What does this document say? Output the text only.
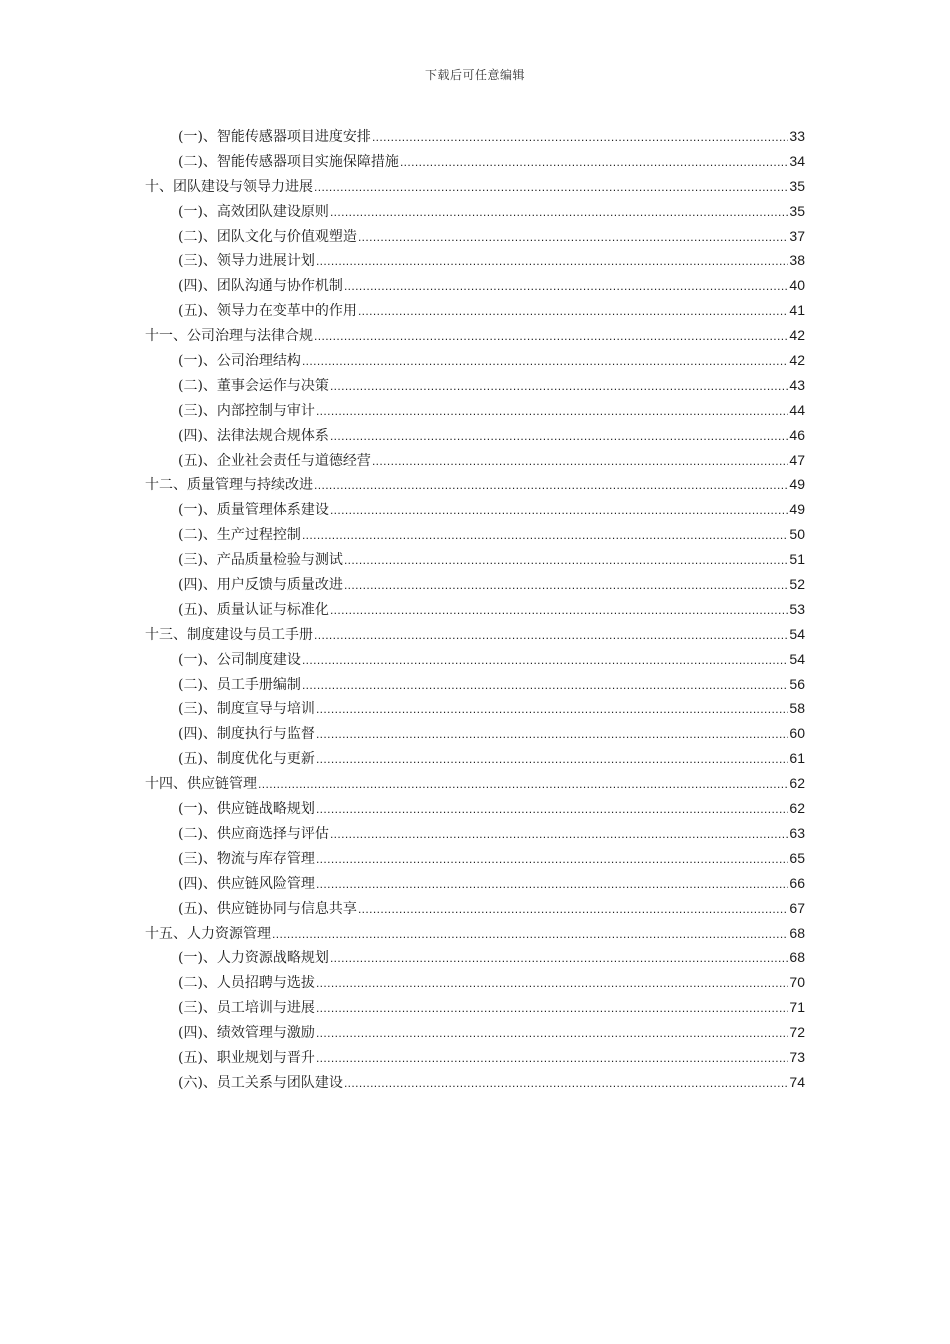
下载后可任意编辑
(一)、智能传感器项目进度安排 .....	33
(二)、智能传感器项目实施保障措施 .....	34
十、团队建设与领导力进展 .....	35
(一)、高效团队建设原则 .....	35
(二)、团队文化与价值观塑造 .....	37
(三)、领导力进展计划 .....	38
(四)、团队沟通与协作机制 .....	40
(五)、领导力在变革中的作用 .....	41
十一、公司治理与法律合规 .....	42
(一)、公司治理结构 .....	42
(二)、董事会运作与决策 .....	43
(三)、内部控制与审计 .....	44
(四)、法律法规合规体系 .....	46
(五)、企业社会责任与道德经营 .....	47
十二、质量管理与持续改进 .....	49
(一)、质量管理体系建设 .....	49
(二)、生产过程控制 .....	50
(三)、产品质量检验与测试 .....	51
(四)、用户反馈与质量改进 .....	52
(五)、质量认证与标准化 .....	53
十三、制度建设与员工手册 .....	54
(一)、公司制度建设 .....	54
(二)、员工手册编制 .....	56
(三)、制度宣导与培训 .....	58
(四)、制度执行与监督 .....	60
(五)、制度优化与更新 .....	61
十四、供应链管理 .....	62
(一)、供应链战略规划 .....	62
(二)、供应商选择与评估 .....	63
(三)、物流与库存管理 .....	65
(四)、供应链风险管理 .....	66
(五)、供应链协同与信息共享 .....	67
十五、人力资源管理 .....	68
(一)、人力资源战略规划 .....	68
(二)、人员招聘与选拔 .....	70
(三)、员工培训与进展 .....	71
(四)、绩效管理与激励 .....	72
(五)、职业规划与晋升 .....	73
(六)、员工关系与团队建设 .....	74
